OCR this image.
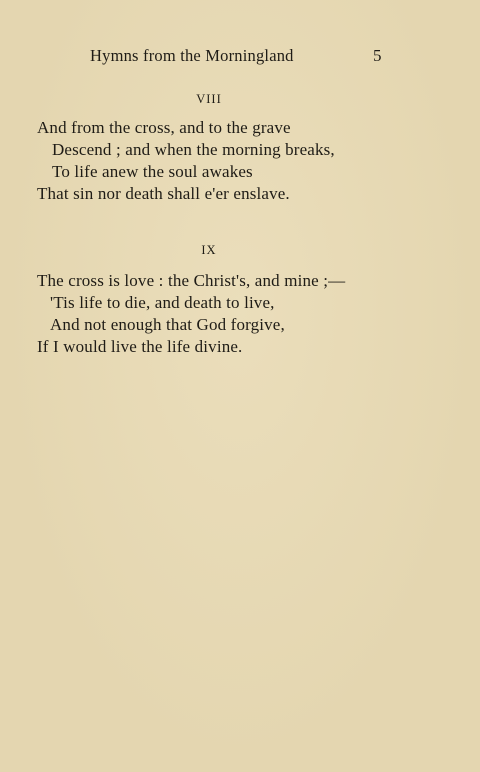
Hymns from the Morningland	5
VIII
And from the cross, and to the grave
Descend ; and when the morning breaks,
To life anew the soul awakes
That sin nor death shall e'er enslave.
IX
The cross is love : the Christ's, and mine ;—
'Tis life to die, and death to live,
And not enough that God forgive,
If I would live the life divine.
